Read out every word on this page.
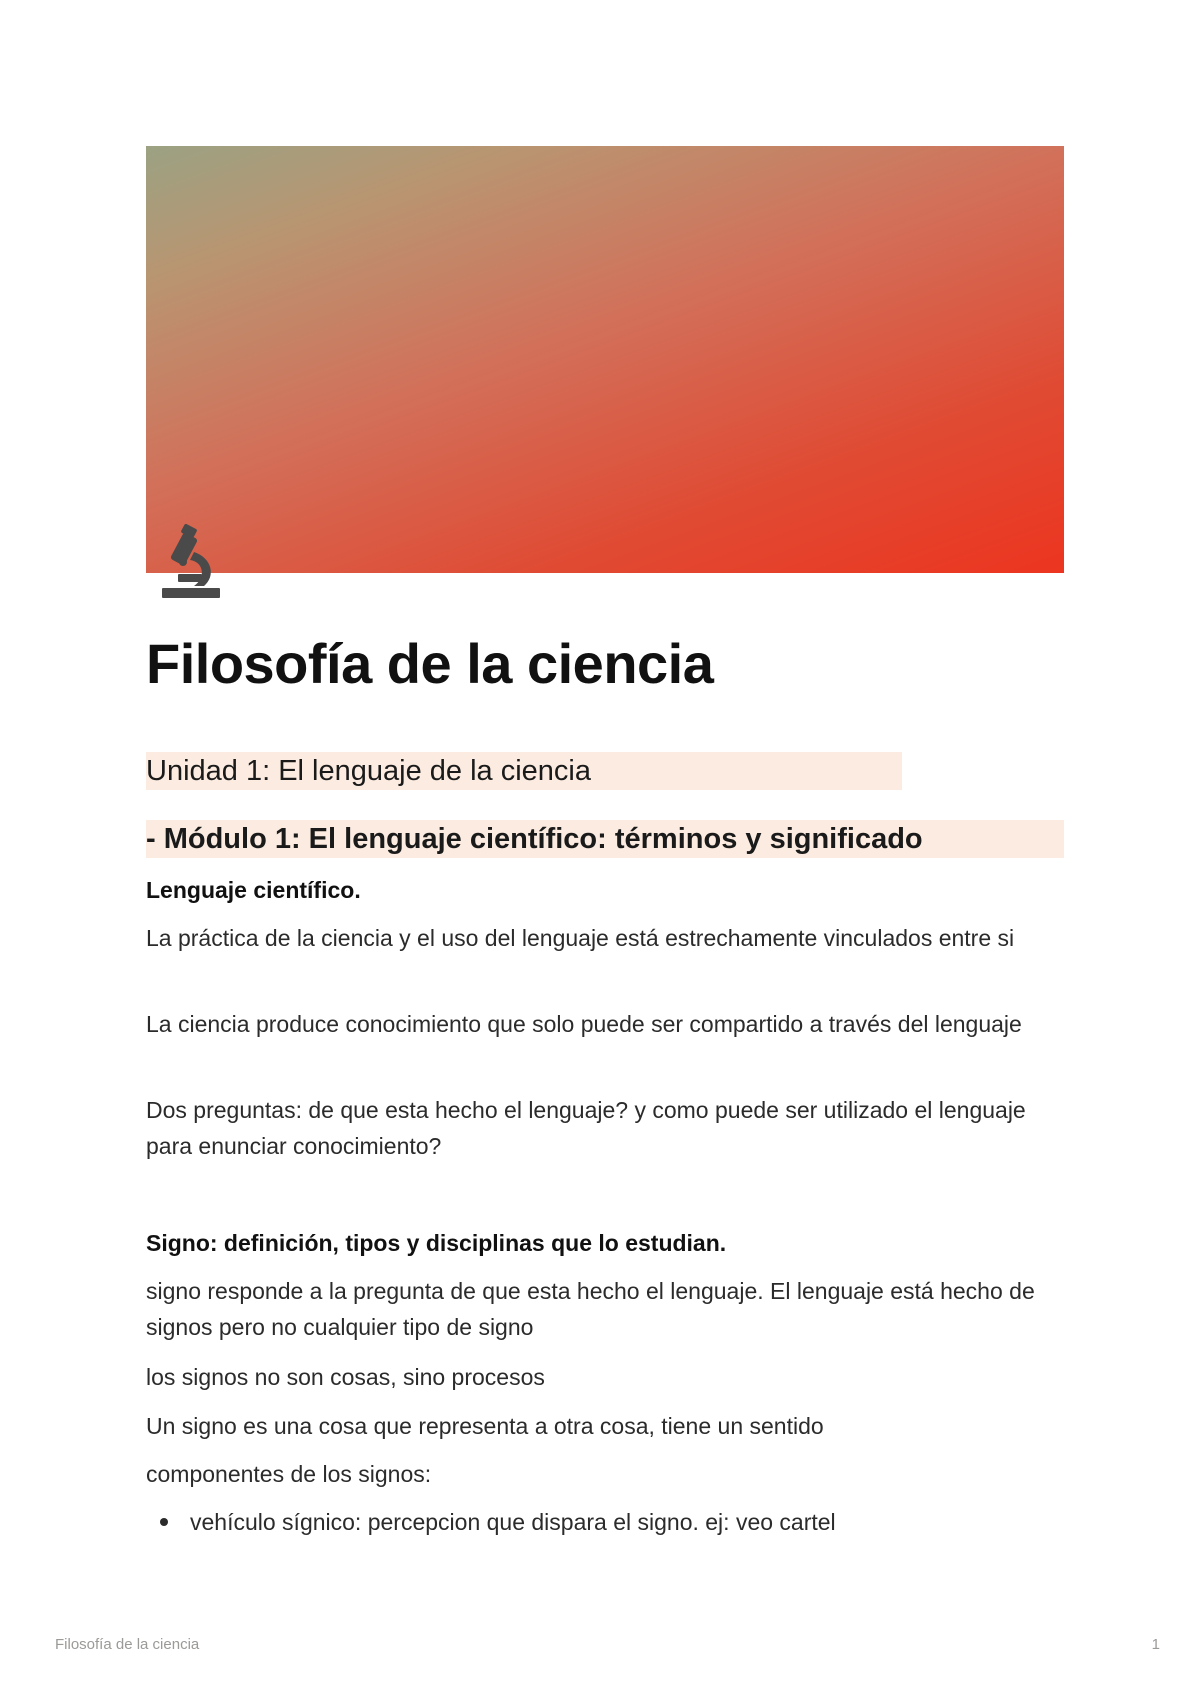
Filosofía de la ciencia
Unidad 1: El lenguaje de la ciencia
- Módulo 1: El lenguaje científico: términos y significado

Lenguaje científico.

La práctica de la ciencia y el uso del lenguaje está estrechamente vinculados entre si

La ciencia produce conocimiento que solo puede ser compartido a través del lenguaje

Dos preguntas: de que esta hecho el lenguaje? y como puede ser utilizado el lenguaje para enunciar conocimiento?

Signo: definición, tipos y disciplinas que lo estudian.

signo responde a la pregunta de que esta hecho el lenguaje. El lenguaje está hecho de signos pero no cualquier tipo de signo

los signos no son cosas, sino procesos

Un signo es una cosa que representa a otra cosa, tiene un sentido

componentes de los signos:

vehículo sígnico: percepcion que dispara el signo. ej: veo cartel
Filosofía de la ciencia	1
